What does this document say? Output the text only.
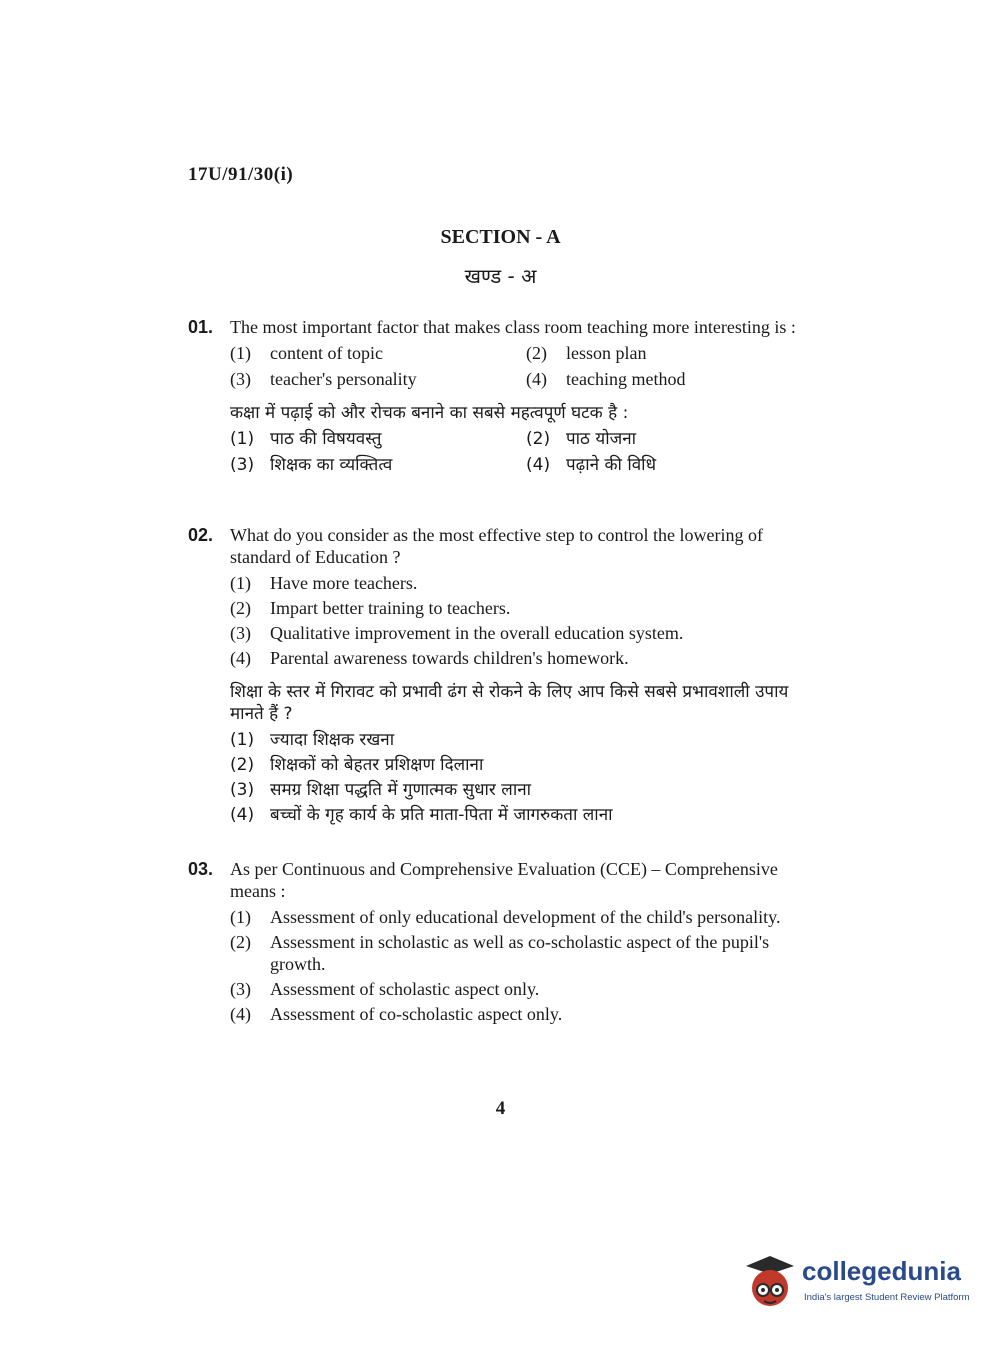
17U/91/30(i)
SECTION - A
खण्ड - अ
01. The most important factor that makes class room teaching more interesting is :
(1)	content of topic	(2)	lesson plan
(3)	teacher's personality	(4)	teaching method
कक्षा में पढ़ाई को और रोचक बनाने का सबसे महत्वपूर्ण घटक है :
(1) पाठ की विषयवस्तु	(2) पाठ योजना
(3) शिक्षक का व्यक्तित्व	(4) पढ़ाने की विधि
02. What do you consider as the most effective step to control the lowering of standard of Education ?
(1)	Have more teachers.
(2)	Impart better training to teachers.
(3)	Qualitative improvement in the overall education system.
(4)	Parental awareness towards children's homework.
शिक्षा के स्तर में गिरावट को प्रभावी ढंग से रोकने के लिए आप किसे सबसे प्रभावशाली उपाय मानते हैं ?
(1) ज्यादा शिक्षक रखना
(2) शिक्षकों को बेहतर प्रशिक्षण दिलाना
(3) समग्र शिक्षा पद्धति में गुणात्मक सुधार लाना
(4) बच्चों के गृह कार्य के प्रति माता-पिता में जागरुकता लाना
03. As per Continuous and Comprehensive Evaluation (CCE) – Comprehensive means :
(1)	Assessment of only educational development of the child's personality.
(2)	Assessment in scholastic as well as co-scholastic aspect of the pupil's growth.
(3)	Assessment of scholastic aspect only.
(4)	Assessment of co-scholastic aspect only.
4
collegedunia
India's largest Student Review Platform
